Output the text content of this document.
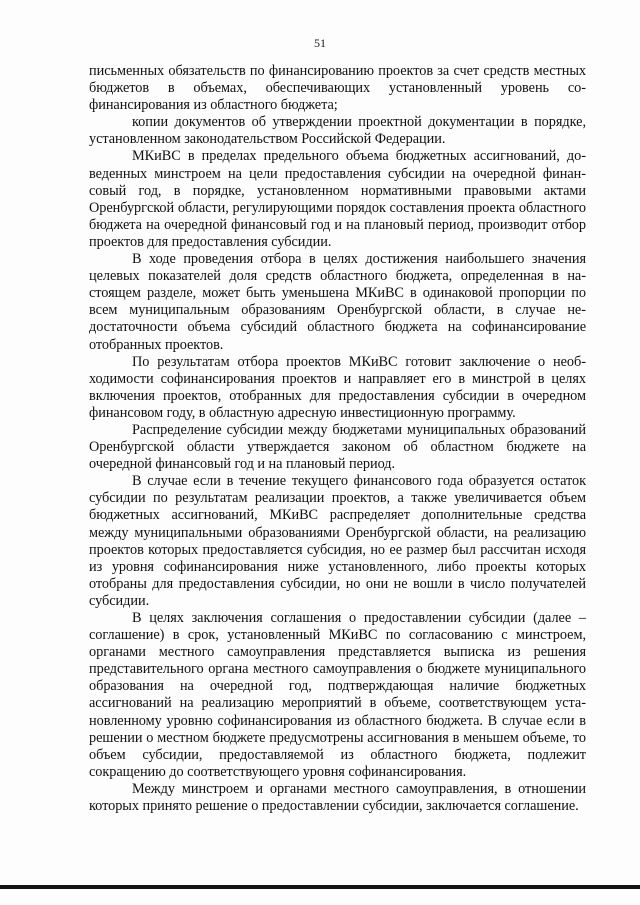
51

письменных обязательств по финансированию проектов за счет средств местных бюджетов в объемах, обеспечивающих установленный уровень софинансирования из областного бюджета;

копии документов об утверждении проектной документации в порядке, установленном законодательством Российской Федерации.

МКиВС в пределах предельного объема бюджетных ассигнований, доведенных минстроем на цели предоставления субсидии на очередной финансовый год, в порядке, установленном нормативными правовыми актами Оренбургской области, регулирующими порядок составления проекта областного бюджета на очередной финансовый год и на плановый период, производит отбор проектов для предоставления субсидии.

В ходе проведения отбора в целях достижения наибольшего значения целевых показателей доля средств областного бюджета, определенная в настоящем разделе, может быть уменьшена МКиВС в одинаковой пропорции по всем муниципальным образованиям Оренбургской области, в случае недостаточности объема субсидий областного бюджета на софинансирование отобранных проектов.

По результатам отбора проектов МКиВС готовит заключение о необходимости софинансирования проектов и направляет его в минстрой в целях включения проектов, отобранных для предоставления субсидии в очередном финансовом году, в областную адресную инвестиционную программу.

Распределение субсидии между бюджетами муниципальных образований Оренбургской области утверждается законом об областном бюджете на очередной финансовый год и на плановый период.

В случае если в течение текущего финансового года образуется остаток субсидии по результатам реализации проектов, а также увеличивается объем бюджетных ассигнований, МКиВС распределяет дополнительные средства между муниципальными образованиями Оренбургской области, на реализацию проектов которых предоставляется субсидия, но ее размер был рассчитан исходя из уровня софинансирования ниже установленного, либо проекты которых отобраны для предоставления субсидии, но они не вошли в число получателей субсидии.

В целях заключения соглашения о предоставлении субсидии (далее – соглашение) в срок, установленный МКиВС по согласованию с минстроем, органами местного самоуправления представляется выписка из решения представительного органа местного самоуправления о бюджете муниципального образования на очередной год, подтверждающая наличие бюджетных ассигнований на реализацию мероприятий в объеме, соответствующем установленному уровню софинансирования из областного бюджета. В случае если в решении о местном бюджете предусмотрены ассигнования в меньшем объеме, то объем субсидии, предоставляемой из областного бюджета, подлежит сокращению до соответствующего уровня софинансирования.

Между минстроем и органами местного самоуправления, в отношении которых принято решение о предоставлении субсидии, заключается соглашение.
